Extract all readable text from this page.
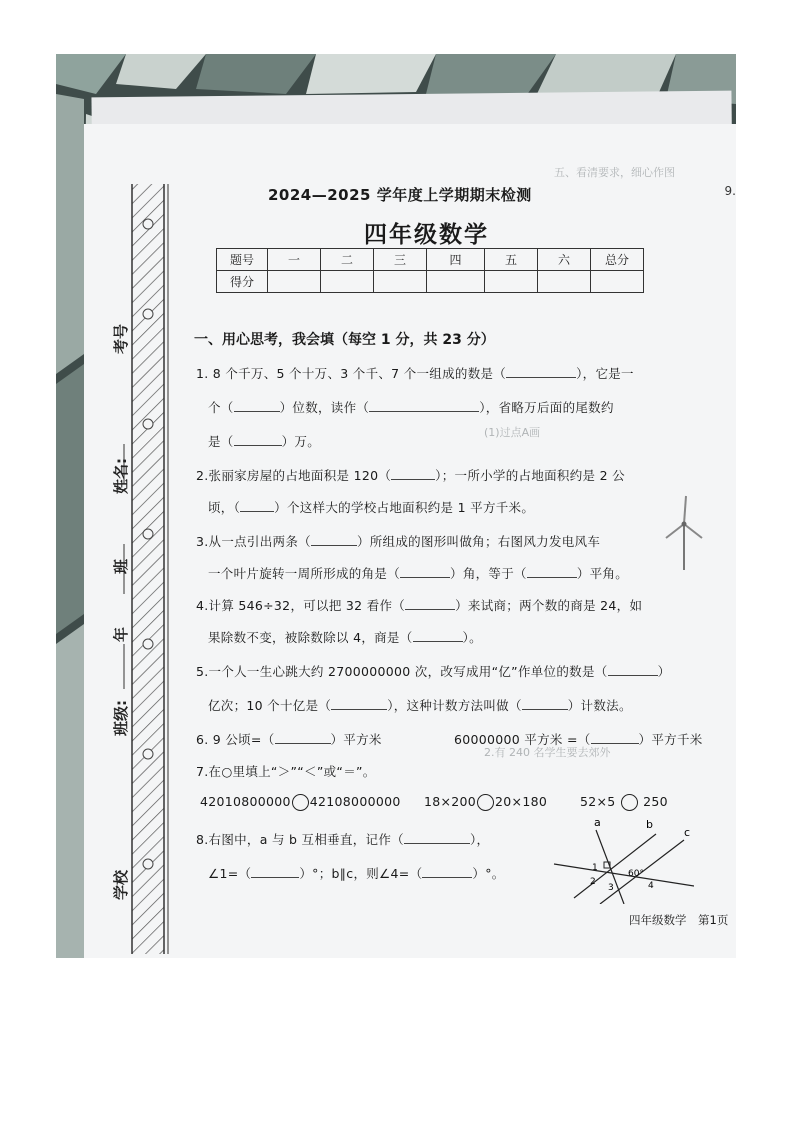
考号
姓名:
班
年
班级:
学校
五、看清要求，细心作图
(1)过点A画
2.有 240 名学生要去郊外
2024—2025 学年度上学期期末检测
四年级数学
题号	一	二	三	四	五	六	总分
得分							
一、用心思考，我会填（每空 1 分，共 23 分）
1. 8 个千万、5 个十万、3 个千、7 个一组成的数是（	），它是一
个（	）位数，读作（	），省略万后面的尾数约
是（	）万。
2.张丽家房屋的占地面积是 120（	）；一所小学的占地面积约是 2 公
顷，（	）个这样大的学校占地面积约是 1 平方千米。
3.从一点引出两条（	）所组成的图形叫做角；右图风力发电风车
一个叶片旋转一周所形成的角是（	）角，等于（	）平角。
4.计算 546÷32，可以把 32 看作（	）来试商；两个数的商是 24，如
果除数不变，被除数除以 4，商是（	）。
5.一个人一生心跳大约 2700000000 次，改写成用“亿”作单位的数是（	）
亿次；10 个十亿是（	），这种计数方法叫做（	）计数法。
6. 9 公顷=（	）平方米	60000000 平方米 =（	）平方千米
7.在○里填上“＞”“＜”或“＝”。
42010800000 42108000000 18×200 20×180	52×5 250
8.右图中，a 与 b 互相垂直，记作（	），
∠1=（	）°；b∥c，则∠4=（	）°。
a	b
c
1
2
3
60°
4
四年级数学　第1页
9.
